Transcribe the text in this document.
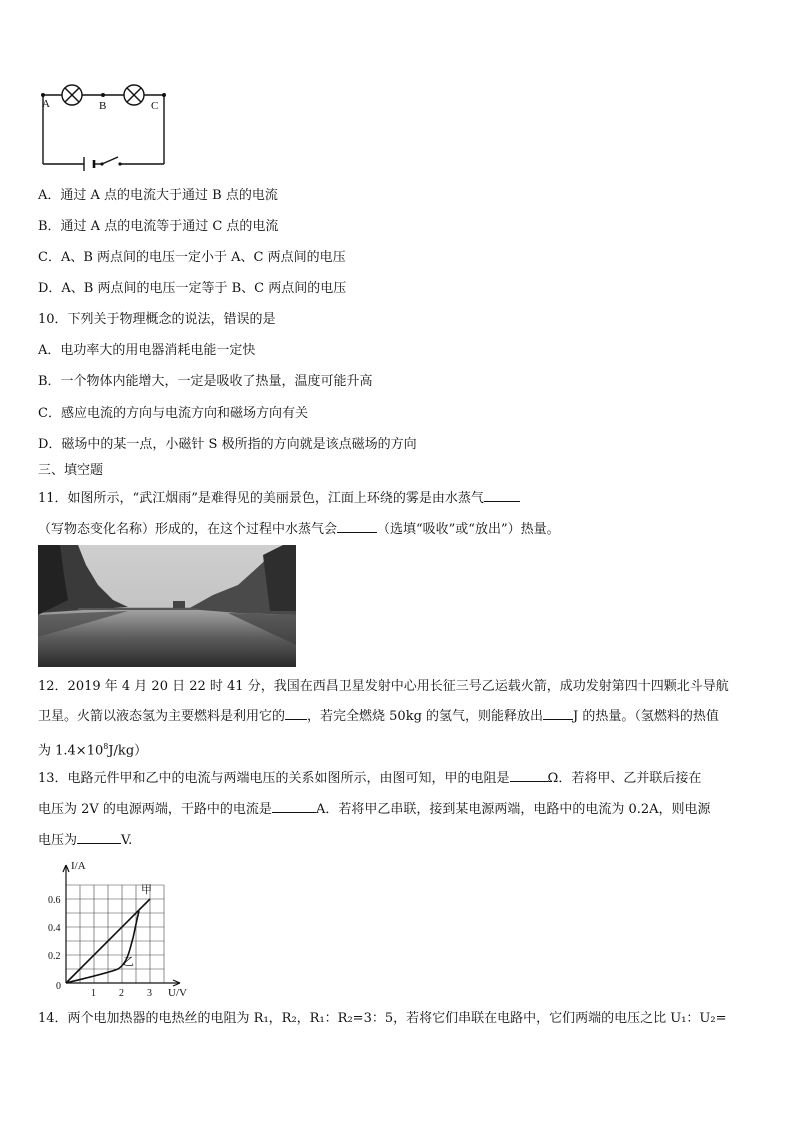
A	B	C
A．通过 A 点的电流大于通过 B 点的电流
B．通过 A 点的电流等于通过 C 点的电流
C．A、B 两点间的电压一定小于 A、C 两点间的电压
D．A、B 两点间的电压一定等于 B、C 两点间的电压
10．下列关于物理概念的说法，错误的是
A．电功率大的用电器消耗电能一定快
B．一个物体内能增大，一定是吸收了热量，温度可能升高
C．感应电流的方向与电流方向和磁场方向有关
D．磁场中的某一点，小磁针 S 极所指的方向就是该点磁场的方向
三、填空题
11．如图所示，“武江烟雨”是难得见的美丽景色，江面上环绕的雾是由水蒸气
（写物态变化名称）形成的，在这个过程中水蒸气会	（选填“吸收”或“放出”）热量。
12．2019 年 4 月 20 日 22 时 41 分，我国在西昌卫星发射中心用长征三号乙运载火箭，成功发射第四十四颗北斗导航
卫星。火箭以液态氢为主要燃料是利用它的 ，若完全燃烧 50kg 的氢气，则能释放出 J 的热量。（氢燃料的热值
为 $1.4\times 10^8J/kg$）
13．电路元件甲和乙中的电流与两端电压的关系如图所示，由图可知，甲的电阻是	Ω．若将甲、乙并联后接在
电压为 2V 的电源两端，干路中的电流是	A．若将甲乙串联，接到某电源两端，电路中的电流为 0.2A，则电源
电压为	V.
I/A
U/V
0.6
0.4
0.2
0
1 2 3
甲
乙
14．两个电加热器的电热丝的电阻为 R₁，R₂，R₁：R₂=3：5，若将它们串联在电路中，它们两端的电压之比 U₁：U₂=
